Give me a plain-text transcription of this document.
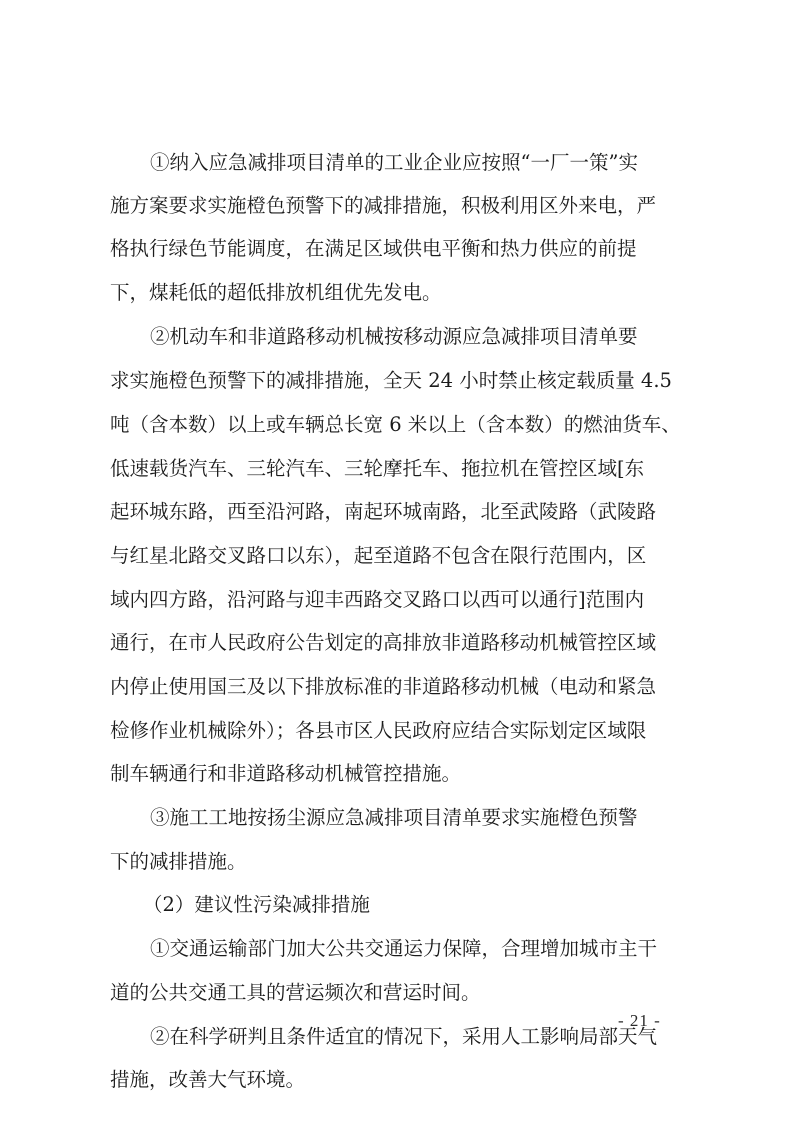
①纳入应急减排项目清单的工业企业应按照“一厂一策”实

施方案要求实施橙色预警下的减排措施，积极利用区外来电，严

格执行绿色节能调度，在满足区域供电平衡和热力供应的前提

下，煤耗低的超低排放机组优先发电。

②机动车和非道路移动机械按移动源应急减排项目清单要

求实施橙色预警下的减排措施，全天 24 小时禁止核定载质量 4.5

吨（含本数）以上或车辆总长宽 6 米以上（含本数）的燃油货车、

低速载货汽车、三轮汽车、三轮摩托车、拖拉机在管控区域[东

起环城东路，西至沿河路，南起环城南路，北至武陵路（武陵路

与红星北路交叉路口以东），起至道路不包含在限行范围内，区

域内四方路，沿河路与迎丰西路交叉路口以西可以通行]范围内

通行，在市人民政府公告划定的高排放非道路移动机械管控区域

内停止使用国三及以下排放标准的非道路移动机械（电动和紧急

检修作业机械除外）；各县市区人民政府应结合实际划定区域限

制车辆通行和非道路移动机械管控措施。

③施工工地按扬尘源应急减排项目清单要求实施橙色预警

下的减排措施。

（2）建议性污染减排措施

①交通运输部门加大公共交通运力保障，合理增加城市主干

道的公共交通工具的营运频次和营运时间。

②在科学研判且条件适宜的情况下，采用人工影响局部天气

措施，改善大气环境。

- 21 -
